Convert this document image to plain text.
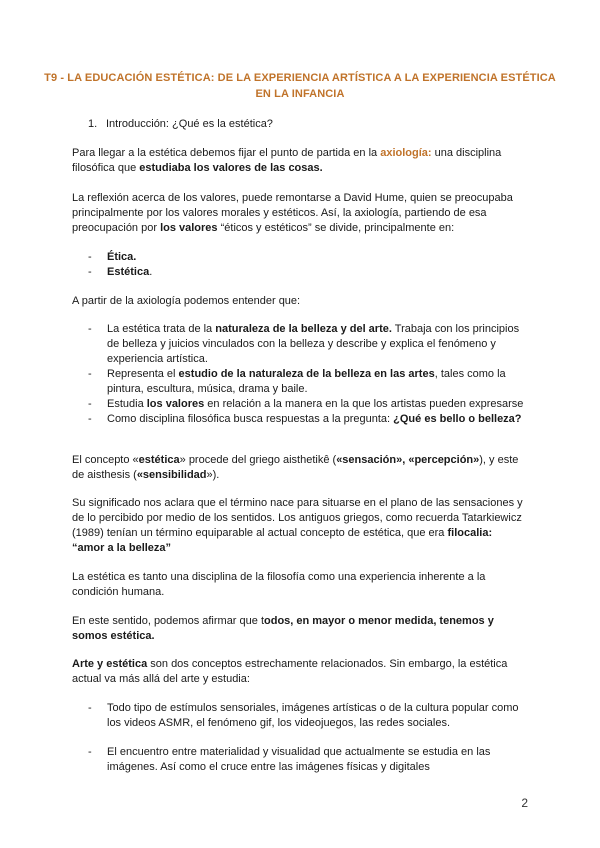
T9 - LA EDUCACIÓN ESTÉTICA: DE LA EXPERIENCIA ARTÍSTICA A LA EXPERIENCIA ESTÉTICA EN LA INFANCIA
1. Introducción: ¿Qué es la estética?
Para llegar a la estética debemos fijar el punto de partida en la axiología: una disciplina filosófica que estudiaba los valores de las cosas.
La reflexión acerca de los valores, puede remontarse a David Hume, quien se preocupaba principalmente por los valores morales y estéticos. Así, la axiología, partiendo de esa preocupación por los valores “éticos y estéticos” se divide, principalmente en:
- Ética.
- Estética.
A partir de la axiología podemos entender que:
- La estética trata de la naturaleza de la belleza y del arte. Trabaja con los principios de belleza y juicios vinculados con la belleza y describe y explica el fenómeno y experiencia artística.
- Representa el estudio de la naturaleza de la belleza en las artes, tales como la pintura, escultura, música, drama y baile.
- Estudia los valores en relación a la manera en la que los artistas pueden expresarse
- Como disciplina filosófica busca respuestas a la pregunta: ¿Qué es bello o belleza?
El concepto «estética» procede del griego aisthetikê («sensación», «percepción»), y este de aisthesis («sensibilidad»).
Su significado nos aclara que el término nace para situarse en el plano de las sensaciones y de lo percibido por medio de los sentidos. Los antiguos griegos, como recuerda Tatarkiewicz (1989) tenían un término equiparable al actual concepto de estética, que era filocalia:
“amor a la belleza”
La estética es tanto una disciplina de la filosofía como una experiencia inherente a la condición humana.
En este sentido, podemos afirmar que todos, en mayor o menor medida, tenemos y somos estética.
Arte y estética son dos conceptos estrechamente relacionados. Sin embargo, la estética actual va más allá del arte y estudia:
- Todo tipo de estímulos sensoriales, imágenes artísticas o de la cultura popular como los videos ASMR, el fenómeno gif, los videojuegos, las redes sociales.
- El encuentro entre materialidad y visualidad que actualmente se estudia en las imágenes. Así como el cruce entre las imágenes físicas y digitales
2
